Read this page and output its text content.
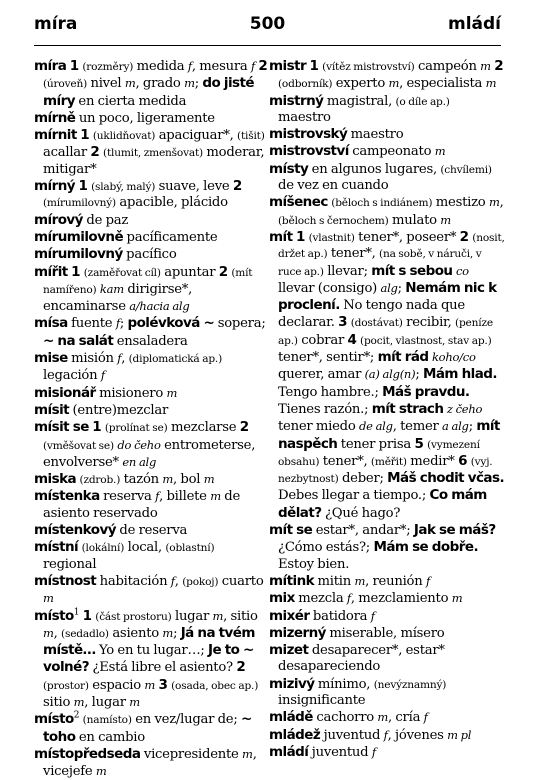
míra	500	mládí

míra 1 (rozměry) medida f, mesura f 2 (úroveň) nivel m, grado m; do jisté míry en cierta medida

mírně un poco, ligeramente

mírnit 1 (uklidňovat) apaciguar*, (tišit) acallar 2 (tlumit, zmenšovat) moderar, mitigar*

mírný 1 (slabý, malý) suave, leve 2 (mírumilovný) apacible, plácido

mírový de paz

mírumilovně pacíficamente

mírumilovný pacífico

mířit 1 (zaměřovat cíl) apuntar 2 (mít namířeno) kam dirigirse*, encaminarse a/hacia alg

mísa fuente f; polévková ~ sopera; ~ na salát ensaladera

mise misión f, (diplomatická ap.) legación f

misionář misionero m

mísit (entre)mezclar

mísit se 1 (prolínat se) mezclarse 2 (vměšovat se) do čeho entrometerse, envolverse* en alg

miska (zdrob.) tazón m, bol m

místenka reserva f, billete m de asiento reservado

místenkový de reserva

místní (lokální) local, (oblastní) regional

místnost habitación f, (pokoj) cuarto m

místo$^1$ 1 (část prostoru) lugar m, sitio m, (sedadlo) asiento m; Já na tvém místě… Yo en tu lugar…; Je to ~ volné? ¿Está libre el asiento? 2 (prostor) espacio m 3 (osada, obec ap.) sitio m, lugar m

místo$^2$ (namísto) en vez/lugar de; ~ toho en cambio

místopředseda vicepresidente m, vicejefe m

mistr 1 (vítěz mistrovství) campeón m 2 (odborník) experto m, especialista m

mistrný magistral, (o díle ap.) maestro

mistrovský maestro

mistrovství campeonato m

místy en algunos lugares, (chvílemi) de vez en cuando

míšenec (běloch s indiánem) mestizo m, (běloch s černochem) mulato m

mít 1 (vlastnit) tener*, poseer* 2 (nosit, držet ap.) tener*, (na sobě, v náruči, v ruce ap.) llevar; mít s sebou co llevar (consigo) alg; Nemám nic k proclení. No tengo nada que declarar. 3 (dostávat) recibir, (peníze ap.) cobrar 4 (pocit, vlastnost, stav ap.) tener*, sentir*; mít rád koho/co querer, amar (a) alg(n); Mám hlad. Tengo hambre.; Máš pravdu. Tienes razón.; mít strach z čeho tener miedo de alg, temer a alg; mít naspěch tener prisa 5 (vymezení obsahu) tener*, (měřit) medir* 6 (vyj. nezbytnost) deber; Máš chodit včas. Debes llegar a tiempo.; Co mám dělat? ¿Qué hago?

mít se estar*, andar*; Jak se máš? ¿Cómo estás?; Mám se dobře. Estoy bien.

mítink mitin m, reunión f

mix mezcla f, mezclamiento m

mixér batidora f

mizerný miserable, mísero

mizet desaparecer*, estar* desapareciendo

mizivý mínimo, (nevýznamný) insignificante

mládě cachorro m, cría f

mládež juventud f, jóvenes m pl

mládí juventud f
